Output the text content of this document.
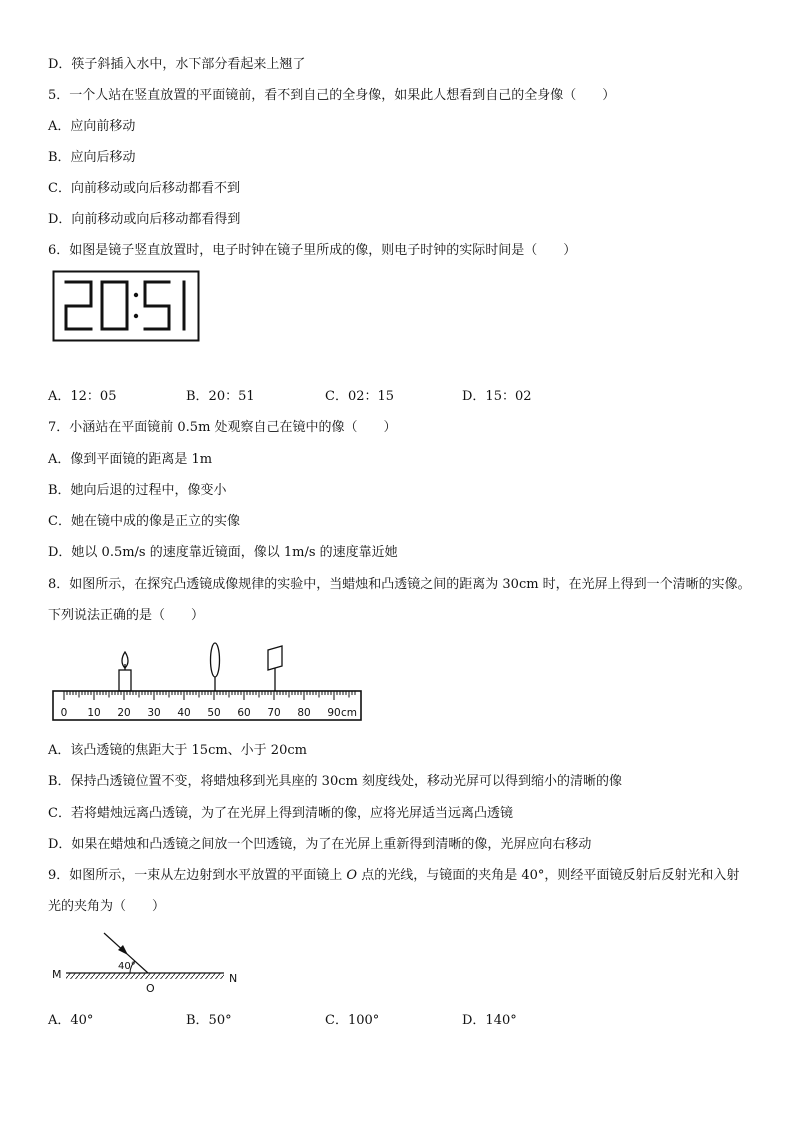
D．筷子斜插入水中，水下部分看起来上翘了
5．一个人站在竖直放置的平面镜前，看不到自己的全身像，如果此人想看到自己的全身像（　　）
A．应向前移动
B．应向后移动
C．向前移动或向后移动都看不到
D．向前移动或向后移动都看得到
6．如图是镜子竖直放置时，电子时钟在镜子里所成的像，则电子时钟的实际时间是（　　）
A．12：05	B．20：51	C．02：15	D．15：02
7．小涵站在平面镜前 0.5m 处观察自己在镜中的像（　　）
A．像到平面镜的距离是 1m
B．她向后退的过程中，像变小
C．她在镜中成的像是正立的实像
D．她以 0.5m/s 的速度靠近镜面，像以 1m/s 的速度靠近她
8．如图所示，在探究凸透镜成像规律的实验中，当蜡烛和凸透镜之间的距离为 30cm 时，在光屏上得到一个清晰的实像。下列说法正确的是（　　）
0 10 20 30 40 50 60 70 80 90 cm
A．该凸透镜的焦距大于 15cm、小于 20cm
B．保持凸透镜位置不变，将蜡烛移到光具座的 30cm 刻度线处，移动光屏可以得到缩小的清晰的像
C．若将蜡烛远离凸透镜，为了在光屏上得到清晰的像，应将光屏适当远离凸透镜
D．如果在蜡烛和凸透镜之间放一个凹透镜，为了在光屏上重新得到清晰的像，光屏应向右移动
9．如图所示，一束从左边射到水平放置的平面镜上 O 点的光线，与镜面的夹角是 40°，则经平面镜反射后反射光和入射光的夹角为（　　）
40°
M	N
O
A．40°	B．50°	C．100°	D．140°
